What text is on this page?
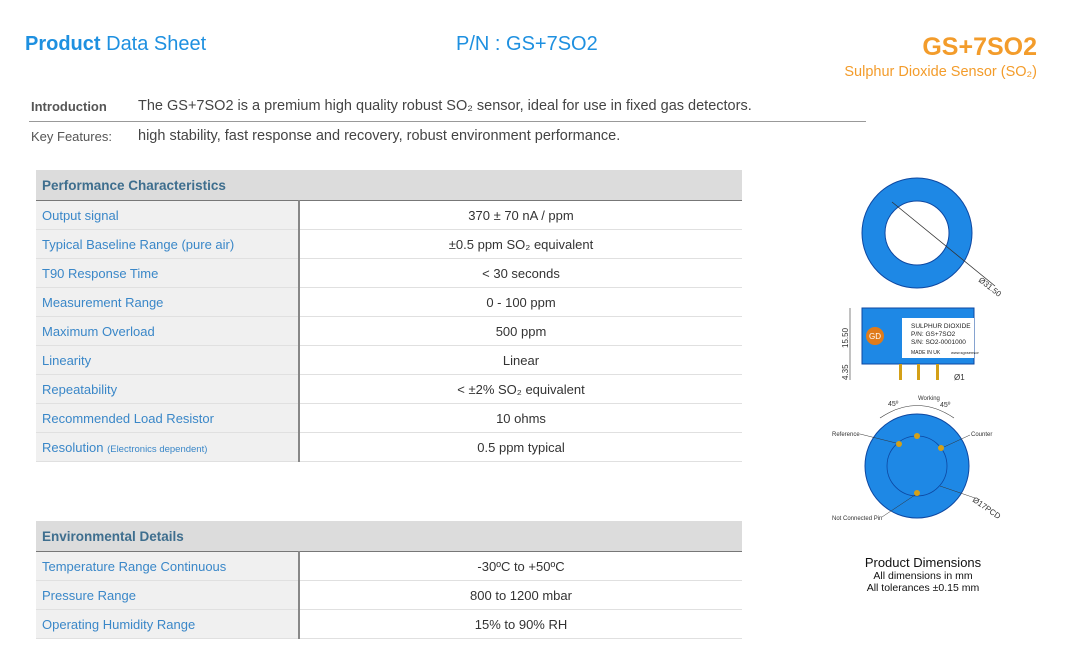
Product Data Sheet	P/N : GS+7SO2	GS+7SO2
Sulphur Dioxide Sensor (SO₂)
Introduction The GS+7SO2 is a premium high quality robust SO₂ sensor, ideal for use in fixed gas detectors.
Key Features: high stability, fast response and recovery, robust environment performance.
Performance Characteristics	
Output signal	370 ± 70 nA / ppm
Typical Baseline Range (pure air)	±0.5 ppm SO₂ equivalent
T90 Response Time	< 30 seconds
Measurement Range	0 - 100 ppm
Maximum Overload	500 ppm
Linearity	Linear
Repeatability	< ±2% SO₂ equivalent
Recommended Load Resistor	10 ohms
Resolution (Electronics dependent)	0.5 ppm typical
Environmental Details	
Temperature Range Continuous	-30ºC to +50ºC
Pressure Range	800 to 1200 mbar
Operating Humidity Range	15% to 90% RH
Ø31.50
GD
SULPHUR DIOXIDE
P/N: GS+7SO2
S/N: SO2-0001000
MADE IN UK	www.sgxsensor
15.50
4.35	Ø1
45º	45º
Working
Reference	Counter
Not Connected Pin	Ø17PCD
Product Dimensions
All dimensions in mm
All tolerances ±0.15 mm
